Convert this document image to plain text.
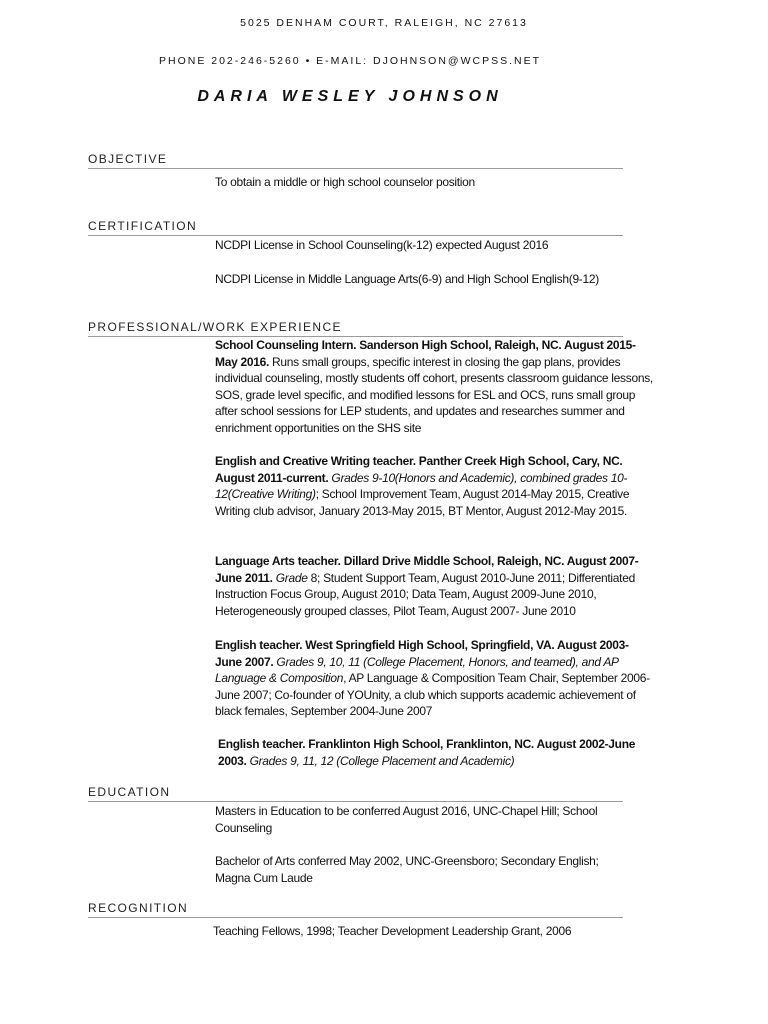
5025 DENHAM COURT, RALEIGH, NC 27613
PHONE 202-246-5260 • E-MAIL: DJOHNSON@WCPSS.NET
DARIA WESLEY JOHNSON
OBJECTIVE
To obtain a middle or high school counselor position
CERTIFICATION
NCDPI License in School Counseling(k-12) expected August 2016
NCDPI License in Middle Language Arts(6-9) and High School English(9-12)
PROFESSIONAL/WORK EXPERIENCE
School Counseling Intern. Sanderson High School, Raleigh, NC. August 2015-May 2016. Runs small groups, specific interest in closing the gap plans, provides individual counseling, mostly students off cohort, presents classroom guidance lessons, SOS, grade level specific, and modified lessons for ESL and OCS, runs small group after school sessions for LEP students, and updates and researches summer and enrichment opportunities on the SHS site
English and Creative Writing teacher. Panther Creek High School, Cary, NC. August 2011-current. Grades 9-10(Honors and Academic), combined grades 10-12(Creative Writing); School Improvement Team, August 2014-May 2015, Creative Writing club advisor, January 2013-May 2015, BT Mentor, August 2012-May 2015.
Language Arts teacher. Dillard Drive Middle School, Raleigh, NC. August 2007-June 2011. Grade 8; Student Support Team, August 2010-June 2011; Differentiated Instruction Focus Group, August 2010; Data Team, August 2009-June 2010, Heterogeneously grouped classes, Pilot Team, August 2007- June 2010
English teacher. West Springfield High School, Springfield, VA. August 2003-June 2007. Grades 9, 10, 11 (College Placement, Honors, and teamed), and AP Language & Composition, AP Language & Composition Team Chair, September 2006-June 2007; Co-founder of YOUnity, a club which supports academic achievement of black females, September 2004-June 2007
English teacher. Franklinton High School, Franklinton, NC. August 2002-June 2003. Grades 9, 11, 12 (College Placement and Academic)
EDUCATION
Masters in Education to be conferred August 2016, UNC-Chapel Hill; School Counseling
Bachelor of Arts conferred May 2002, UNC-Greensboro; Secondary English; Magna Cum Laude
RECOGNITION
Teaching Fellows, 1998; Teacher Development Leadership Grant, 2006
